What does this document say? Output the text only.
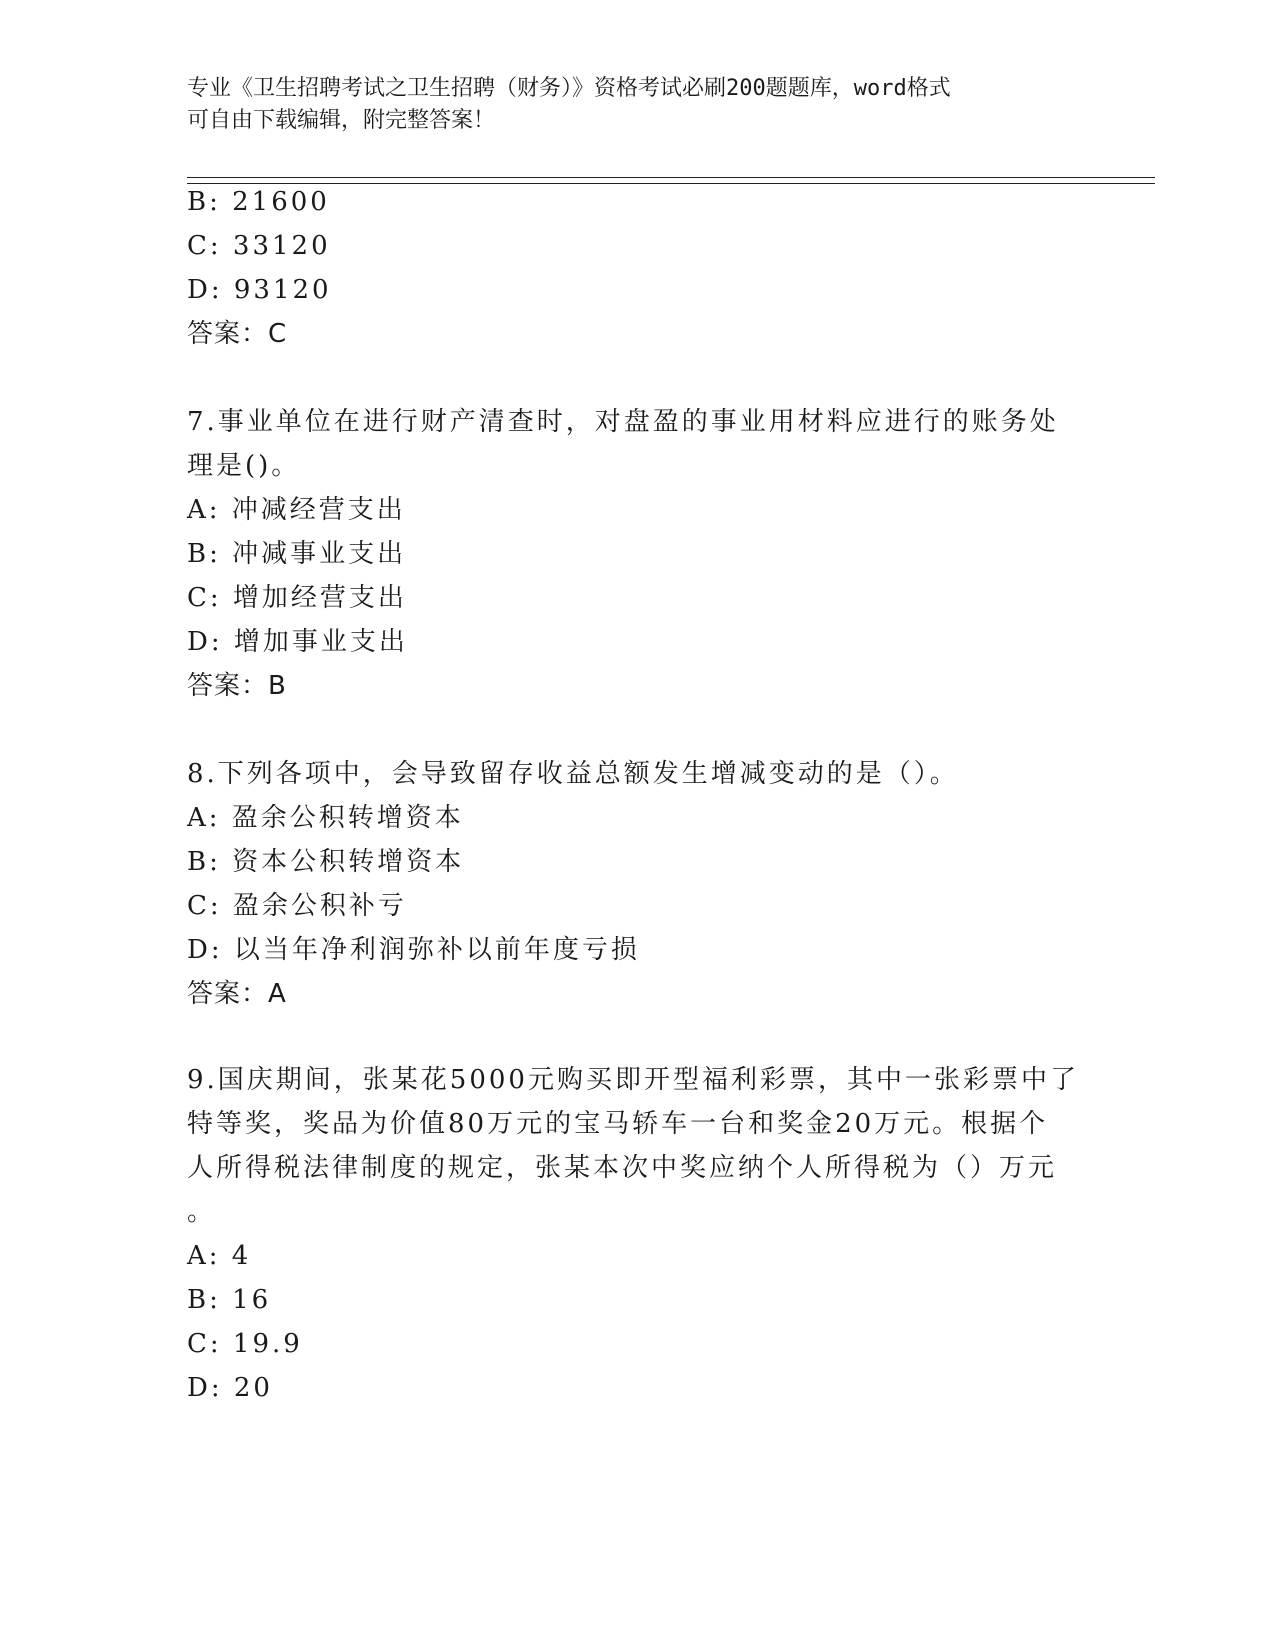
专业《卫生招聘考试之卫生招聘（财务）》资格考试必刷200题题库，word格式
可自由下载编辑，附完整答案！
B: 21600
C: 33120
D: 93120
答案：C
7.事业单位在进行财产清查时，对盘盈的事业用材料应进行的账务处
理是()。
A: 冲减经营支出
B: 冲减事业支出
C: 增加经营支出
D: 增加事业支出
答案：B
8.下列各项中，会导致留存收益总额发生增减变动的是（）。
A: 盈余公积转增资本
B: 资本公积转增资本
C: 盈余公积补亏
D: 以当年净利润弥补以前年度亏损
答案：A
9.国庆期间，张某花5000元购买即开型福利彩票，其中一张彩票中了
特等奖，奖品为价值80万元的宝马轿车一台和奖金20万元。根据个
人所得税法律制度的规定，张某本次中奖应纳个人所得税为（）万元
。
A: 4
B: 16
C: 19.9
D: 20
